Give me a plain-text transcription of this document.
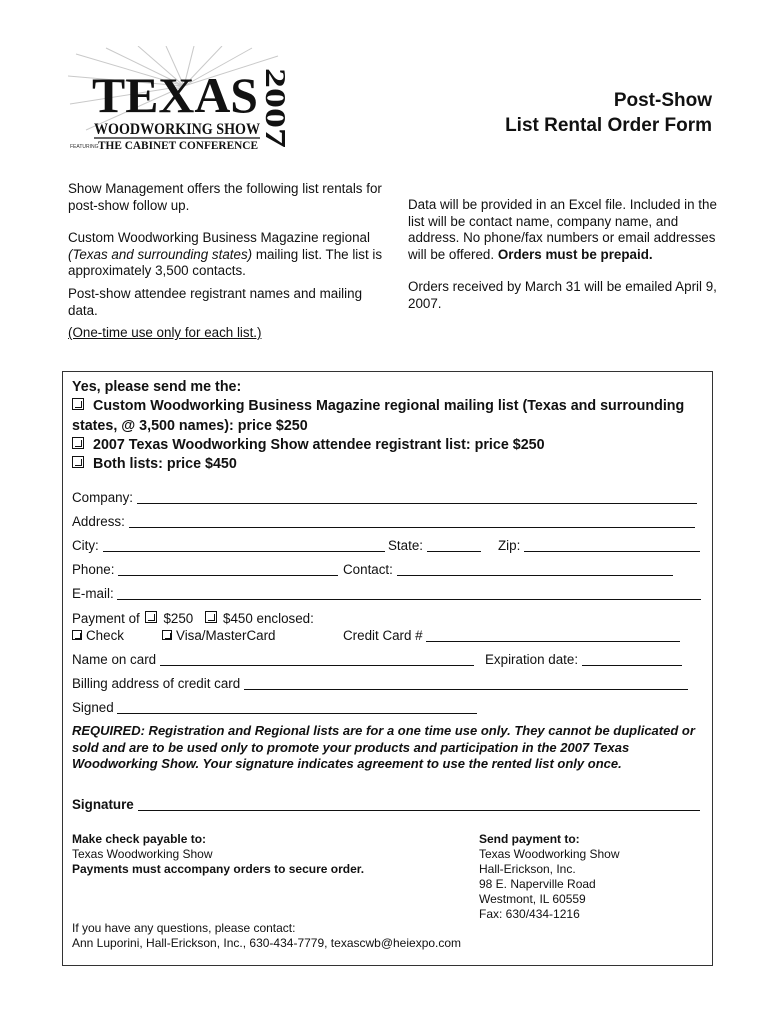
TEXAS
WOODWORKING SHOW
FEATURING THE CABINET CONFERENCE
2007	Post-Show
List Rental Order Form

Show Management offers the following list rentals for post-show follow up.

Custom Woodworking Business Magazine regional (Texas and surrounding states) mailing list. The list is approximately 3,500 contacts.

Post-show attendee registrant names and mailing data.

(One-time use only for each list.)

Data will be provided in an Excel file. Included in the list will be contact name, company name, and address. No phone/fax numbers or email addresses will be offered. Orders must be prepaid.

Orders received by March 31 will be emailed April 9, 2007.

Yes, please send me the:
Custom Woodworking Business Magazine regional mailing list (Texas and surrounding states, @ 3,500 names): price $250
2007 Texas Woodworking Show attendee registrant list: price $250
Both lists: price $450
Company:
Address:
City:	State:	Zip:
Phone:	Contact:
E-mail:
Payment of $250 $450 enclosed:
Check	Visa/MasterCard	Credit Card #
Name on card	Expiration date:
Billing address of credit card
Signed
REQUIRED: Registration and Regional lists are for a one time use only. They cannot be duplicated or sold and are to be used only to promote your products and participation in the 2007 Texas Woodworking Show. Your signature indicates agreement to use the rented list only once.
Signature

Make check payable to:

Texas Woodworking Show

Payments must accompany orders to secure order.

Send payment to:

Texas Woodworking Show

Hall-Erickson, Inc.

98 E. Naperville Road

Westmont, IL 60559

Fax: 630/434-1216

If you have any questions, please contact:

Ann Luporini, Hall-Erickson, Inc., 630-434-7779, texascwb@heiexpo.com
